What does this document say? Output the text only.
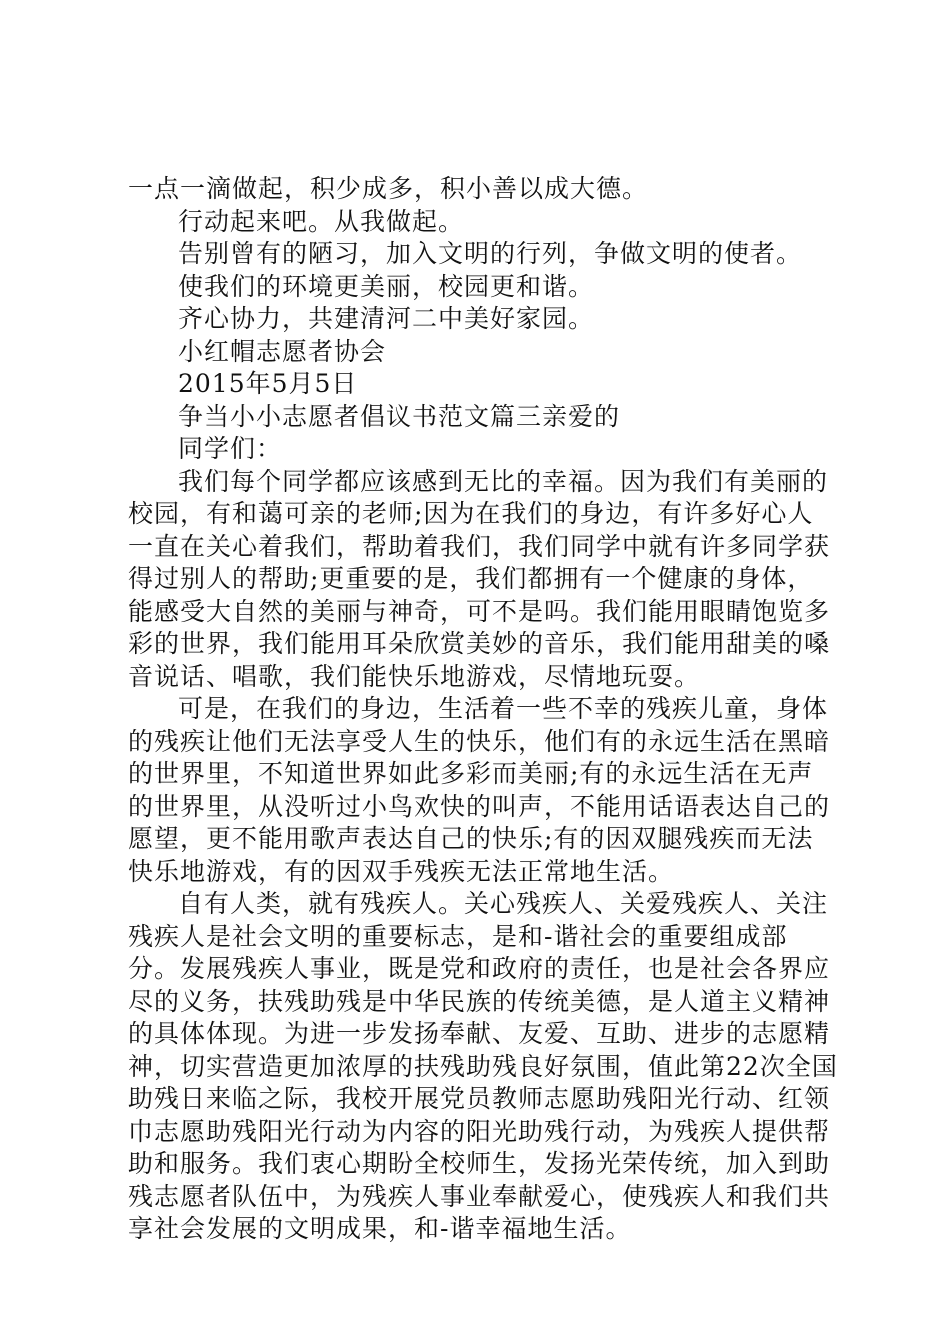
一点一滴做起，积少成多，积小善以成大德。

行动起来吧。从我做起。

告别曾有的陋习，加入文明的行列，争做文明的使者。

使我们的环境更美丽，校园更和谐。

齐心协力，共建清河二中美好家园。

小红帽志愿者协会

2015年5月5日

争当小小志愿者倡议书范文篇三亲爱的

同学们：

我们每个同学都应该感到无比的幸福。因为我们有美丽的校园，有和蔼可亲的老师;因为在我们的身边，有许多好心人一直在关心着我们，帮助着我们，我们同学中就有许多同学获得过别人的帮助;更重要的是，我们都拥有一个健康的身体，能感受大自然的美丽与神奇，可不是吗。我们能用眼睛饱览多彩的世界，我们能用耳朵欣赏美妙的音乐，我们能用甜美的嗓音说话、唱歌，我们能快乐地游戏，尽情地玩耍。

可是，在我们的身边，生活着一些不幸的残疾儿童，身体的残疾让他们无法享受人生的快乐，他们有的永远生活在黑暗的世界里，不知道世界如此多彩而美丽;有的永远生活在无声的世界里，从没听过小鸟欢快的叫声，不能用话语表达自己的愿望，更不能用歌声表达自己的快乐;有的因双腿残疾而无法快乐地游戏，有的因双手残疾无法正常地生活。

自有人类，就有残疾人。关心残疾人、关爱残疾人、关注残疾人是社会文明的重要标志，是和-谐社会的重要组成部分。发展残疾人事业，既是党和政府的责任，也是社会各界应尽的义务，扶残助残是中华民族的传统美德，是人道主义精神的具体体现。为进一步发扬奉献、友爱、互助、进步的志愿精神，切实营造更加浓厚的扶残助残良好氛围，值此第22次全国助残日来临之际，我校开展党员教师志愿助残阳光行动、红领巾志愿助残阳光行动为内容的阳光助残行动，为残疾人提供帮助和服务。我们衷心期盼全校师生，发扬光荣传统，加入到助残志愿者队伍中，为残疾人事业奉献爱心，使残疾人和我们共享社会发展的文明成果，和-谐幸福地生活。
